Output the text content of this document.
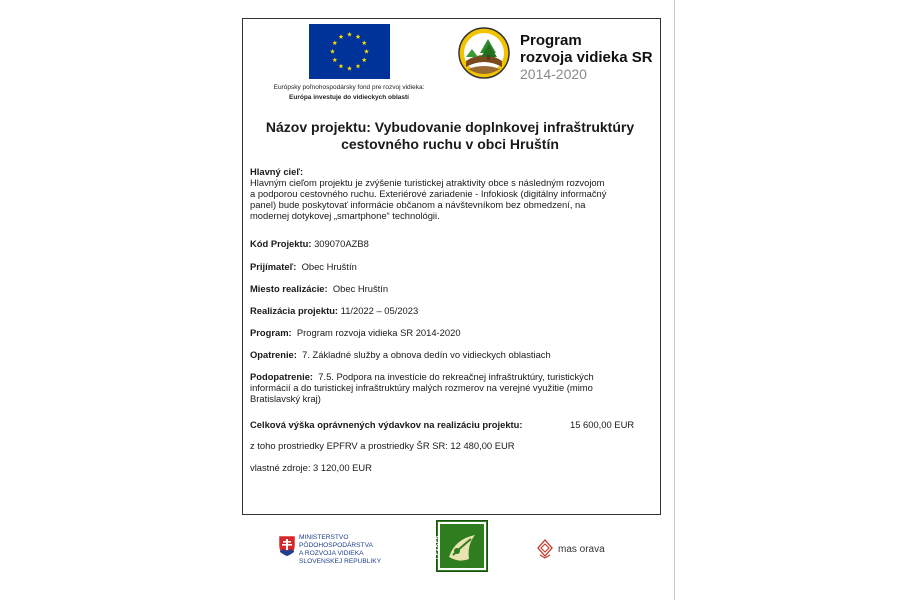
Európsky poľnohospodársky fond pre rozvoj vidieka:
Európa investuje do vidieckych oblastí
Program
rozvoja vidieka SR
2014-2020
Názov projektu: Vybudovanie doplnkovej infraštruktúry
cestovného ruchu v obci Hruštín
Hlavný cieľ:
Hlavným cieľom projektu je zvýšenie turistickej atraktivity obce s následným rozvojom
a podporou cestovného ruchu. Exteriérové zariadenie - Infokiosk (digitálny informačný
panel) bude poskytovať informácie občanom a návštevníkom bez obmedzení, na
modernej dotykovej „smartphone“ technológii.
Kód Projektu: 309070AZB8
Prijímateľ: Obec Hruštín
Miesto realizácie: Obec Hruštín
Realizácia projektu: 11/2022 – 05/2023
Program: Program rozvoja vidieka SR 2014-2020
Opatrenie: 7. Základné služby a obnova dedín vo vidieckych oblastiach
Podopatrenie: 7.5. Podpora na investície do rekreačnej infraštruktúry, turistických
informácií a do turistickej infraštruktúry malých rozmerov na verejné využitie (mimo
Bratislavský kraj)
Celková výška oprávnených výdavkov na realizáciu projektu:	15 600,00 EUR
z toho prostriedky EPFRV a prostriedky ŠR SR: 12 480,00 EUR
vlastné zdroje: 3 120,00 EUR
MINISTERSTVO
PÔDOHOSPODÁRSTVA
A ROZVOJA VIDIEKA
SLOVENSKEJ REPUBLIKY
LEADER	mas orava
